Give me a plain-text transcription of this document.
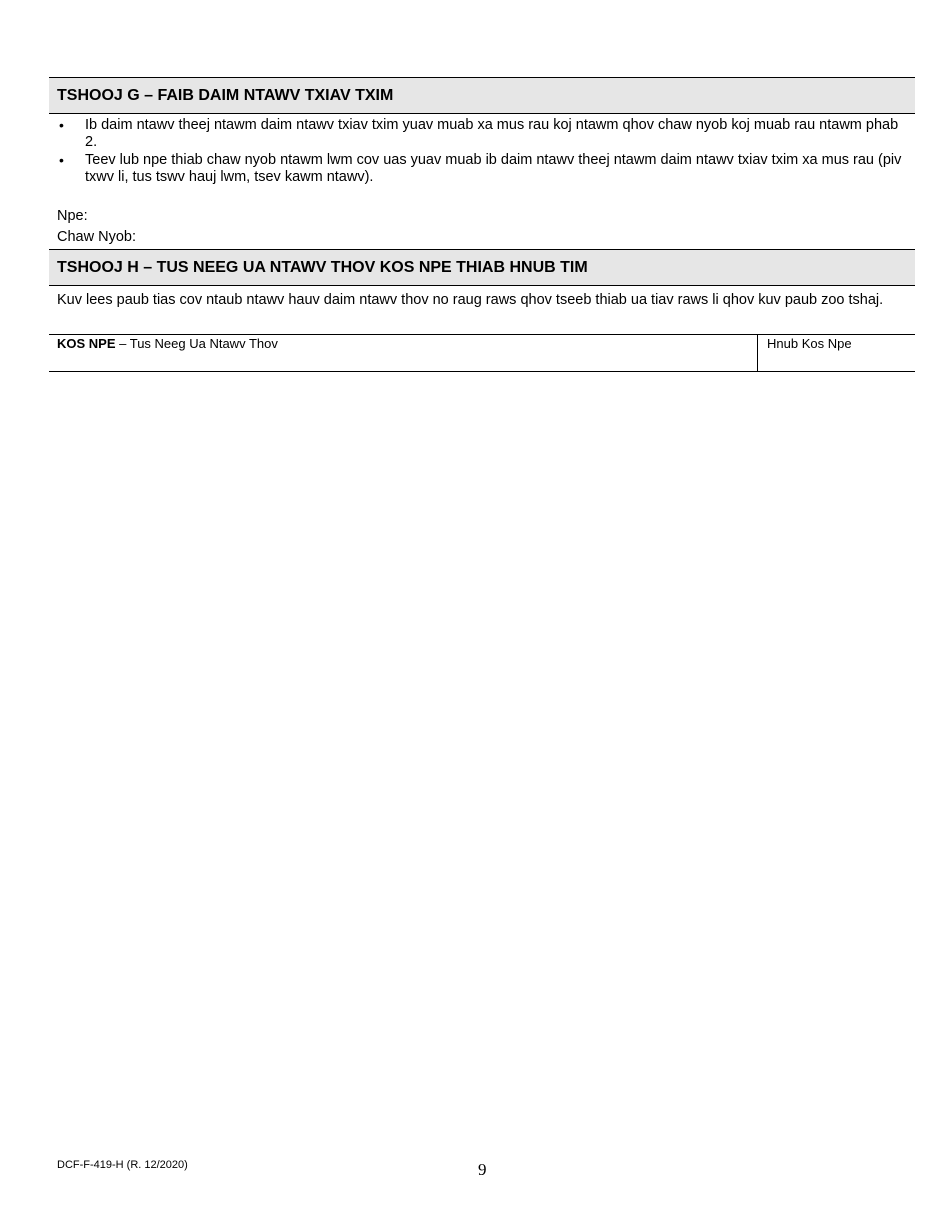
TSHOOJ G – FAIB DAIM NTAWV TXIAV TXIM
• Ib daim ntawv theej ntawm daim ntawv txiav txim yuav muab xa mus rau koj ntawm qhov chaw nyob koj muab rau ntawm phab 2.
• Teev lub npe thiab chaw nyob ntawm lwm cov uas yuav muab ib daim ntawv theej ntawm daim ntawv txiav txim xa mus rau (piv txwv li, tus tswv hauj lwm, tsev kawm ntawv).
Npe:
Chaw Nyob:
TSHOOJ H – TUS NEEG UA NTAWV THOV KOS NPE THIAB HNUB TIM
Kuv lees paub tias cov ntaub ntawv hauv daim ntawv thov no raug raws qhov tseeb thiab ua tiav raws li qhov kuv paub zoo tshaj.
KOS NPE – Tus Neeg Ua Ntawv Thov	Hnub Kos Npe
DCF-F-419-H (R. 12/2020)	9
